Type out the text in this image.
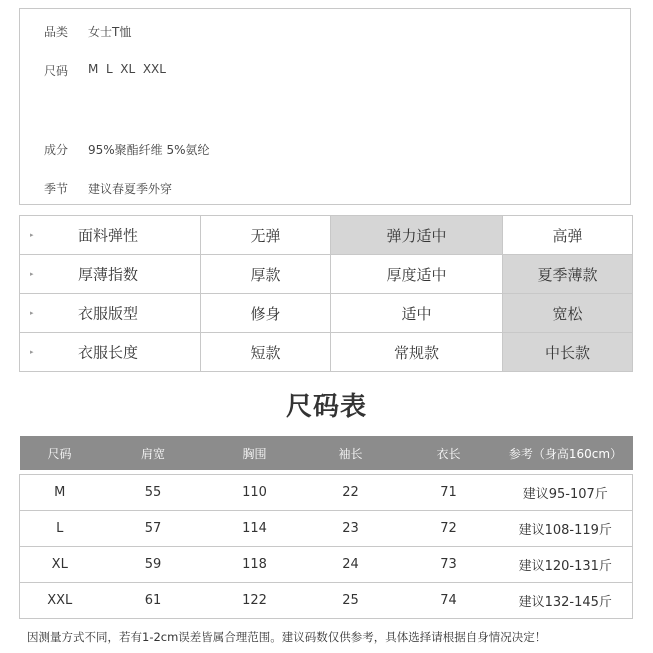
品类	女士T恤
尺码	M  L  XL  XXL
成分	95%聚酯纤维 5%氨纶
季节	建议春夏季外穿
▸ 面料弹性	无弹	弹力适中	高弹

▸ 厚薄指数	厚款	厚度适中	夏季薄款

▸ 衣服版型	修身	适中	宽松

▸ 衣服长度	短款	常规款	中长款
尺码表
尺码	肩宽	胸围	袖长	衣长	参考（身高160cm）

M	55	110	22	71	建议95-107斤
L	57	114	23	72	建议108-119斤
XL	59	118	24	73	建议120-131斤
XXL	61	122	25	74	建议132-145斤
因测量方式不同，若有1-2cm误差皆属合理范围。建议码数仅供参考，具体选择请根据自身情况决定！
